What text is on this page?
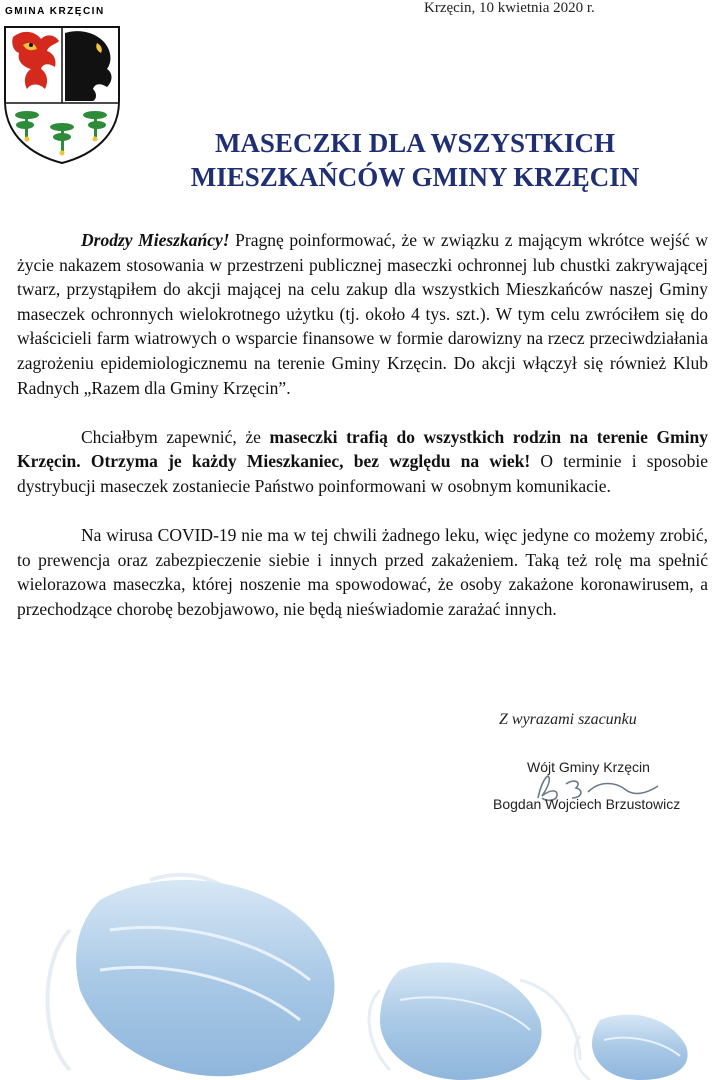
GMINA KRZĘCIN	Krzęcin, 10 kwietnia 2020 r.
MASECZKI DLA WSZYSTKICH
MIESZKAŃCÓW GMINY KRZĘCIN

Drodzy Mieszkańcy! Pragnę poinformować, że w związku z mającym wkrótce wejść w życie nakazem stosowania w przestrzeni publicznej maseczki ochronnej lub chustki zakrywającej twarz, przystąpiłem do akcji mającej na celu zakup dla wszystkich Mieszkańców naszej Gminy maseczek ochronnych wielokrotnego użytku (tj. około 4 tys. szt.). W tym celu zwróciłem się do właścicieli farm wiatrowych o wsparcie finansowe w formie darowizny na rzecz przeciwdziałania zagrożeniu epidemiologicznemu na terenie Gminy Krzęcin. Do akcji włączył się również Klub Radnych „Razem dla Gminy Krzęcin”.

Chciałbym zapewnić, że maseczki trafią do wszystkich rodzin na terenie Gminy Krzęcin. Otrzyma je każdy Mieszkaniec, bez względu na wiek! O terminie i sposobie dystrybucji maseczek zostaniecie Państwo poinformowani w osobnym komunikacie.

Na wirusa COVID-19 nie ma w tej chwili żadnego leku, więc jedyne co możemy zrobić, to prewencja oraz zabezpieczenie siebie i innych przed zakażeniem. Taką też rolę ma spełnić wielorazowa maseczka, której noszenie ma spowodować, że osoby zakażone koronawirusem, a przechodzące chorobę bezobjawowo, nie będą nieświadomie zarażać innych.

Z wyrazami szacunku
Wójt Gminy Krzęcin
Bogdan Wojciech Brzustowicz
